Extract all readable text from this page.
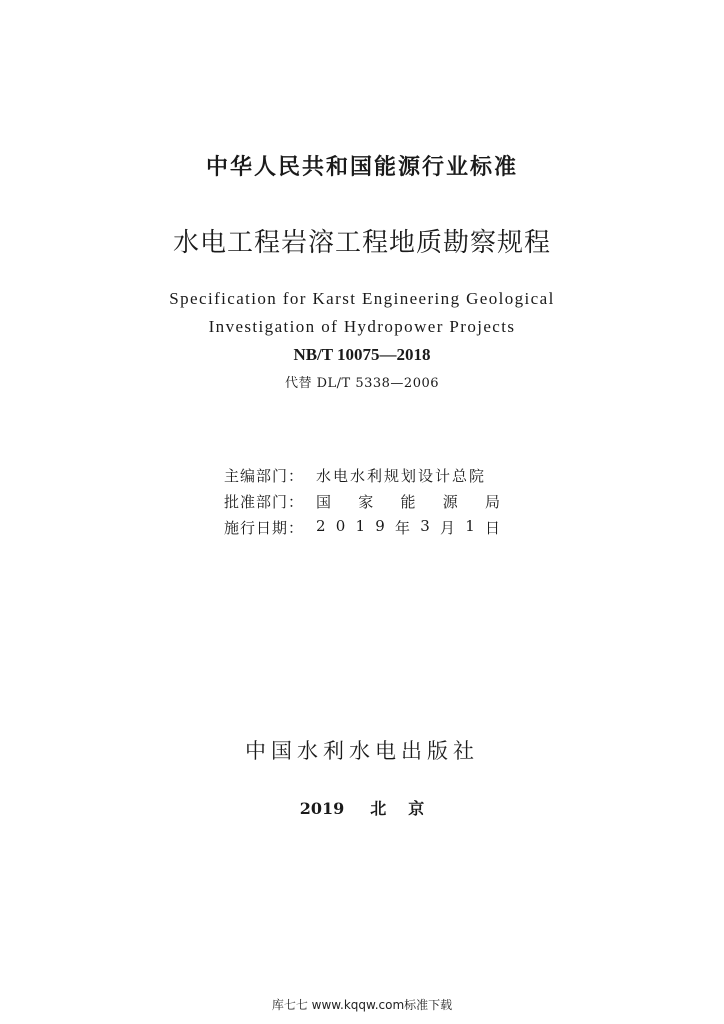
中华人民共和国能源行业标准
水电工程岩溶工程地质勘察规程
Specification for Karst Engineering Geological
Investigation of Hydropower Projects
NB/T 10075—2018
代替 DL/T 5338—2006
主编部门： 水电水利规划设计总院
批准部门： 国 家 能 源 局
施行日期： 2 0 1 9 年 3 月 1 日
中国水利水电出版社
2019 北 京
库七七 www.kqqw.com标准下载
